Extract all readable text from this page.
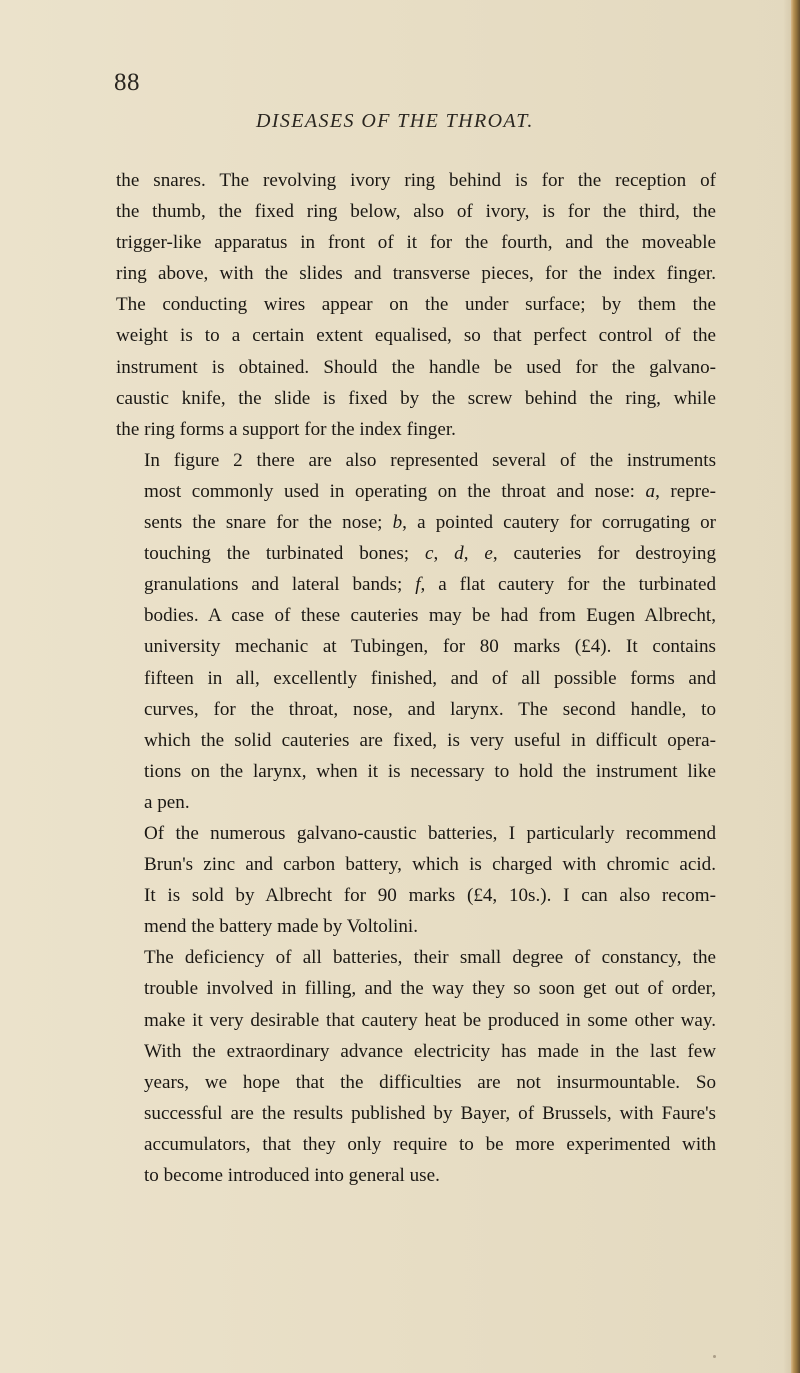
88
DISEASES OF THE THROAT.

the snares. The revolving ivory ring behind is for the reception of
the thumb, the fixed ring below, also of ivory, is for the third, the
trigger-like apparatus in front of it for the fourth, and the moveable
ring above, with the slides and transverse pieces, for the index finger.
The conducting wires appear on the under surface; by them the
weight is to a certain extent equalised, so that perfect control of the
instrument is obtained. Should the handle be used for the galvano-
caustic knife, the slide is fixed by the screw behind the ring, while
the ring forms a support for the index finger.

In figure 2 there are also represented several of the instruments
most commonly used in operating on the throat and nose: a, repre-
sents the snare for the nose; b, a pointed cautery for corrugating or
touching the turbinated bones; c, d, e, cauteries for destroying
granulations and lateral bands; f, a flat cautery for the turbinated
bodies. A case of these cauteries may be had from Eugen Albrecht,
university mechanic at Tubingen, for 80 marks (£4). It contains
fifteen in all, excellently finished, and of all possible forms and
curves, for the throat, nose, and larynx. The second handle, to
which the solid cauteries are fixed, is very useful in difficult opera-
tions on the larynx, when it is necessary to hold the instrument like
a pen.

Of the numerous galvano-caustic batteries, I particularly recommend
Brun's zinc and carbon battery, which is charged with chromic acid.
It is sold by Albrecht for 90 marks (£4, 10s.). I can also recom-
mend the battery made by Voltolini.

The deficiency of all batteries, their small degree of constancy, the
trouble involved in filling, and the way they so soon get out of order,
make it very desirable that cautery heat be produced in some other way.
With the extraordinary advance electricity has made in the last few
years, we hope that the difficulties are not insurmountable. So
successful are the results published by Bayer, of Brussels, with Faure's
accumulators, that they only require to be more experimented with
to become introduced into general use.
